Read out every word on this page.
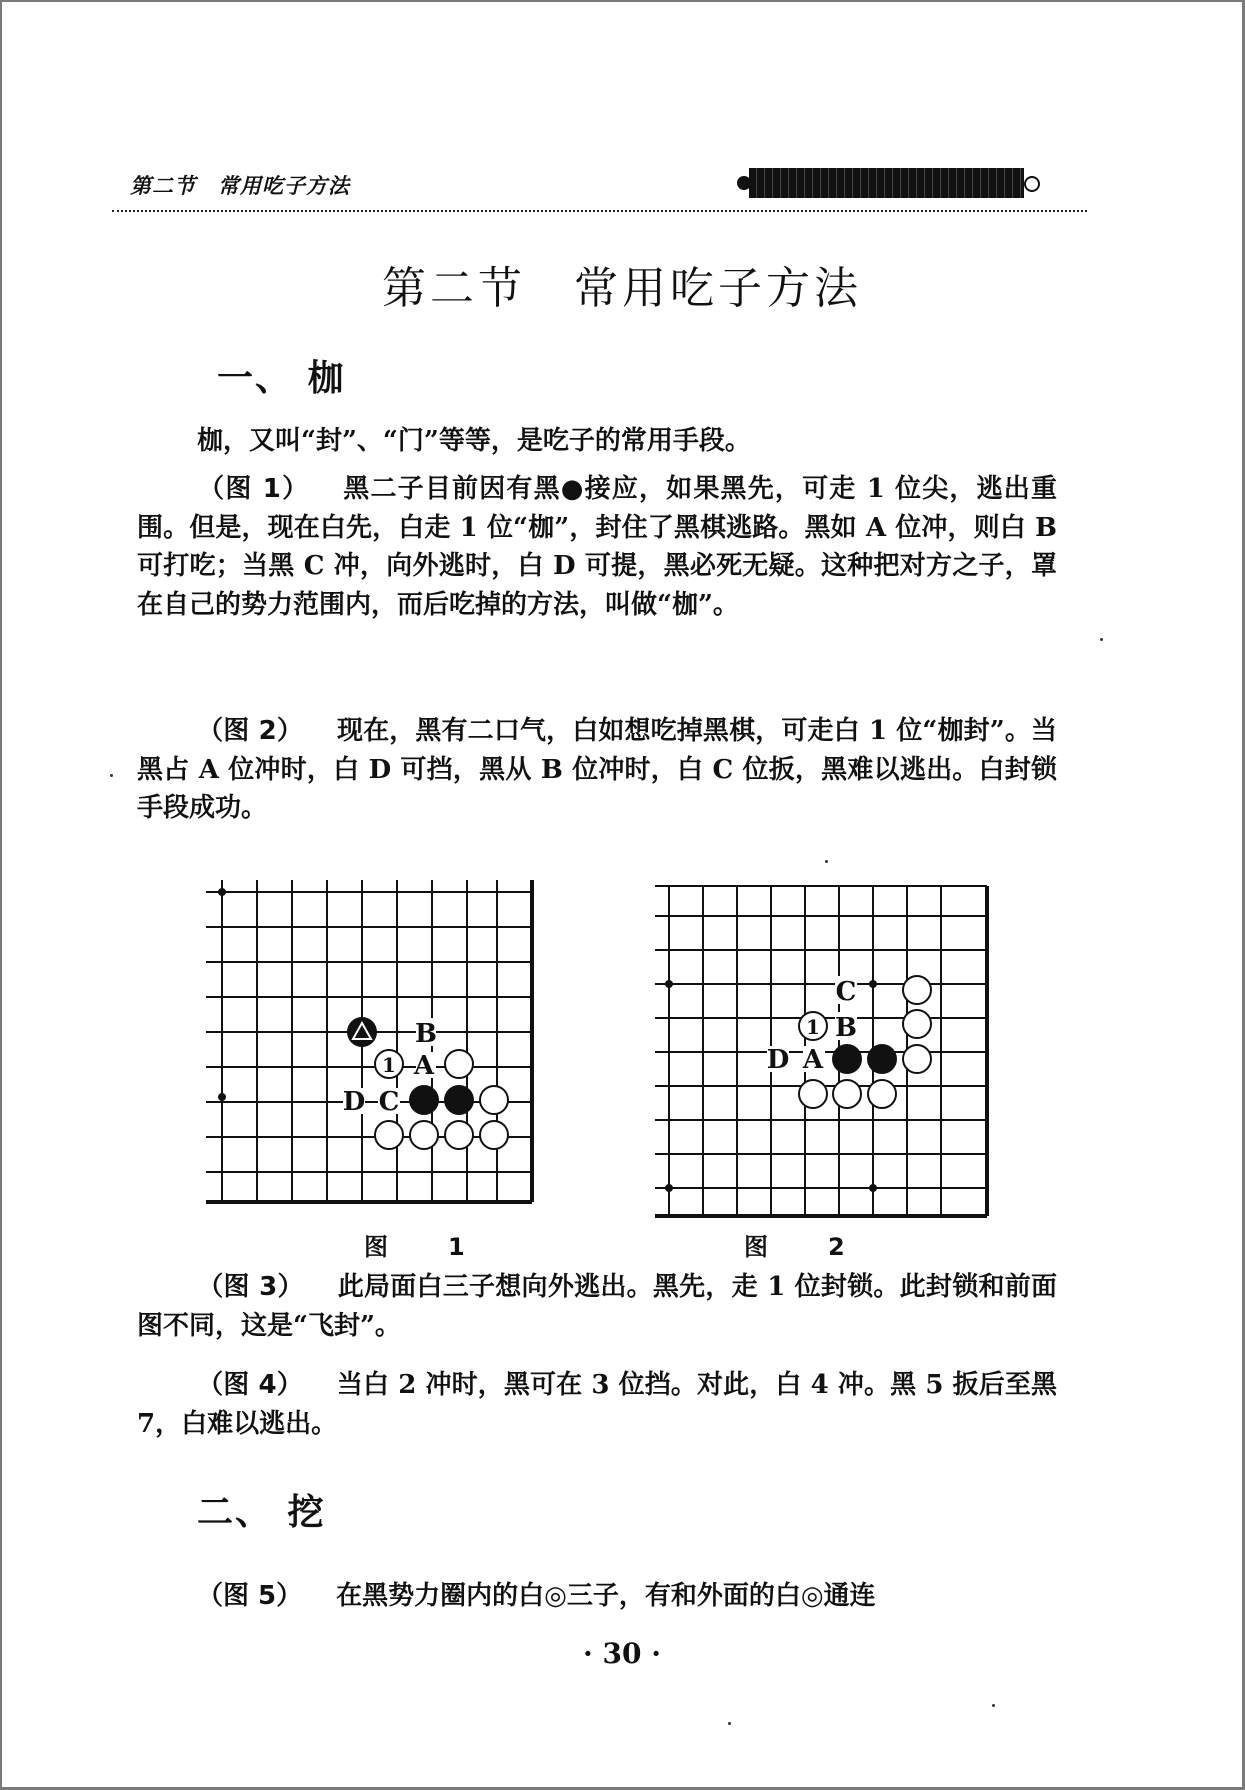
第二节　常用吃子方法
第二节　常用吃子方法
一、 枷
枷，又叫“封”、“门”等等，是吃子的常用手段。
（图 1） 黑二子目前因有黑●接应，如果黑先，可走 1 位尖，逃出重围。但是，现在白先，白走 1 位“枷”，封住了黑棋逃路。黑如 A 位冲，则白 B 可打吃；当黑 C 冲，向外逃时，白 D 可提，黑必死无疑。这种把对方之子，罩在自己的势力范围内，而后吃掉的方法，叫做“枷”。
（图 2） 现在，黑有二口气，白如想吃掉黑棋，可走白 1 位“枷封”。当黑占 A 位冲时，白 D 可挡，黑从 B 位冲时，白 C 位扳，黑难以逃出。白封锁手段成功。
B
A
C
D
1
图　1
C
B
A
D
1
图　2
（图 3） 此局面白三子想向外逃出。黑先，走 1 位封锁。此封锁和前面图不同，这是“飞封”。
（图 4） 当白 2 冲时，黑可在 3 位挡。对此，白 4 冲。黑 5 扳后至黑 7，白难以逃出。
二、 挖
（图 5） 在黑势力圈内的白◎三子，有和外面的白◎通连
· 30 ·
